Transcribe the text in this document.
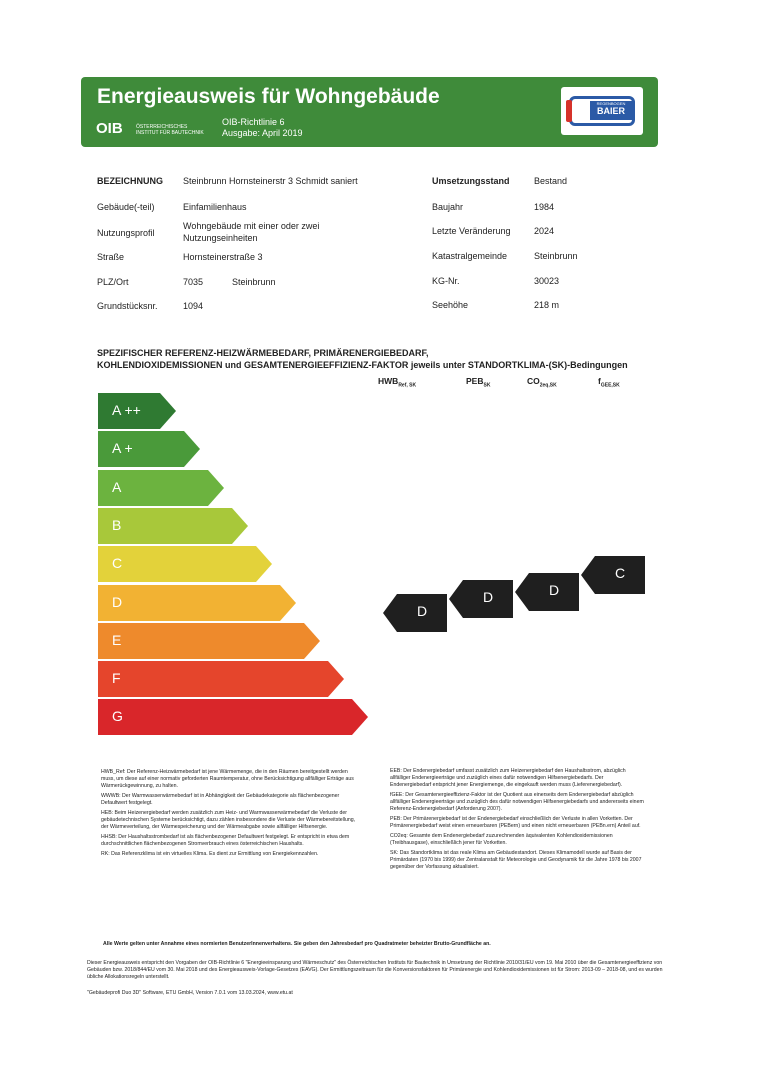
Energieausweis für Wohngebäude
OIB	ÖSTERREICHISCHES
INSTITUT FÜR BAUTECHNIK
OIB-Richtlinie 6
Ausgabe: April 2019
REGENBOGEN
BAIER
BEZEICHNUNG Steinbrunn Hornsteinerstr 3 Schmidt saniert
Gebäude(-teil)	Einfamilienhaus
Nutzungsprofil
Wohngebäude mit einer oder zwei
Nutzungseinheiten
Straße	Hornsteinerstraße 3
PLZ/Ort	7035	Steinbrunn
Grundstücksnr.	1094
Umsetzungsstand	Bestand
Baujahr	1984
Letzte Veränderung	2024
Katastralgemeinde	Steinbrunn
KG-Nr.	30023
Seehöhe	218 m
SPEZIFISCHER REFERENZ-HEIZWÄRMEBEDARF, PRIMÄRENERGIEBEDARF,
KOHLENDIOXIDEMISSIONEN und GESAMTENERGIEEFFIZIENZ-FAKTOR jeweils unter STANDORTKLIMA-(SK)-Bedingungen
$HWB_{Ref, SK}$	$PEB_{SK}$	$CO_{2eq,SK}$	$f_{GEE,SK}$
A ++
A +
A
B
C
D
E
F
G
D
D	D
C
HWB_Ref: Der Referenz-Heizwärmebedarf ist jene Wärmemenge, die in den Räumen bereitgestellt werden muss, um diese auf einer normativ geforderten Raumtemperatur, ohne Berücksichtigung allfälliger Erträge aus Wärmerückgewinnung, zu halten.
WWWB: Der Warmwasserwärmebedarf ist in Abhängigkeit der Gebäudekategorie als flächenbezogener Defaultwert festgelegt.
HEB: Beim Heizenergiebedarf werden zusätzlich zum Heiz- und Warmwasserwärmebedarf die Verluste der gebäudetechnischen Systeme berücksichtigt, dazu zählen insbesondere die Verluste der Wärmebereitstellung, der Wärmeverteilung, der Wärmespeicherung und der Wärmeabgabe sowie allfälliger Hilfsenergie.
HHSB: Der Haushaltsstrombedarf ist als flächenbezogener Defaultwert festgelegt. Er entspricht in etwa dem durchschnittlichen flächenbezogenen Stromverbrauch eines österreichischen Haushalts.
RK: Das Referenzklima ist ein virtuelles Klima. Es dient zur Ermittlung von Energiekennzahlen.
EEB: Der Endenergiebedarf umfasst zusätzlich zum Heizenergiebedarf den Haushaltsstrom, abzüglich allfälliger Endenergieerträge und zuzüglich eines dafür notwendigen Hilfsenergiebedarfs. Der Endenergiebedarf entspricht jener Energiemenge, die eingekauft werden muss (Lieferenergiebedarf).
fGEE: Der Gesamtenergieeffizienz-Faktor ist der Quotient aus einerseits dem Endenergiebedarf abzüglich allfälliger Endenergieerträge und zuzüglich des dafür notwendigen Hilfsenergiebedarfs und andererseits einem Referenz-Endenergiebedarf (Anforderung 2007).
PEB: Der Primärenergiebedarf ist der Endenergiebedarf einschließlich der Verluste in allen Vorketten. Der Primärenergiebedarf weist einen erneuerbaren (PEBern) und einen nicht erneuerbaren (PEBn.ern) Anteil auf.
CO2eq: Gesamte dem Endenergiebedarf zuzurechnenden äquivalenten Kohlendioxidemissionen (Treibhausgase), einschließlich jener für Vorketten.
SK: Das Standortklima ist das reale Klima am Gebäudestandort. Dieses Klimamodell wurde auf Basis der Primärdaten (1970 bis 1999) der Zentralanstalt für Meteorologie und Geodynamik für die Jahre 1978 bis 2007 gegenüber der Vorfassung aktualisiert.
Alle Werte gelten unter Annahme eines normierten BenutzerInnenverhaltens. Sie geben den Jahresbedarf pro Quadratmeter beheizter Brutto-Grundfläche an.
Dieser Energieausweis entspricht den Vorgaben der OIB-Richtlinie 6 "Energieeinsparung und Wärmeschutz" des Österreichischen Instituts für Bautechnik in Umsetzung der Richtlinie 2010/31/EU vom 19. Mai 2010 über die Gesamtenergieeffizienz von Gebäuden bzw. 2018/844/EU vom 30. Mai 2018 und des Energieausweis-Vorlage-Gesetzes (EAVG). Der Ermittlungszeitraum für die Konversionsfaktoren für Primärenergie und Kohlendioxidemissionen ist für Strom: 2013-09 – 2018-08, und es wurden übliche Allokationsregeln unterstellt.
"Gebäudeprofi Duo 3D" Software, ETU GmbH, Version 7.0.1 vom 13.03.2024, www.etu.at
